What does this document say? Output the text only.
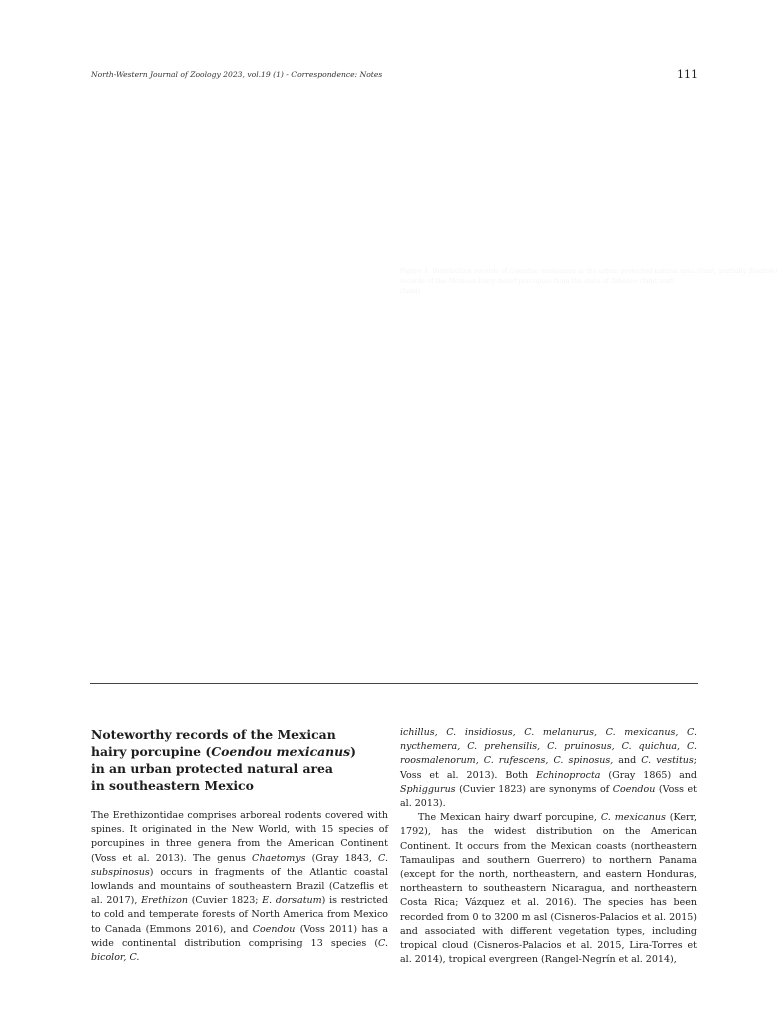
North-Western Journal of Zoology 2023, vol.19 (1) - Correspondence: Notes	111
Figure 1. Distribution records of Coendou mexicanus in the urban protected natural area (faint, partially illegible)
records of the Mexican hairy dwarf porcupine from the state of Tabasco (faint text)
(faint)
Noteworthy records of the Mexican
hairy porcupine (Coendou mexicanus)
in an urban protected natural area
in southeastern Mexico

The Erethizontidae comprises arboreal rodents covered with spines. It originated in the New World, with 15 species of porcupines in three genera from the American Continent (Voss et al. 2013). The genus Chaetomys (Gray 1843, C. subspinosus) occurs in fragments of the Atlantic coastal lowlands and mountains of southeastern Brazil (Catzeflis et al. 2017), Erethizon (Cuvier 1823; E. dorsatum) is restricted to cold and temperate forests of North America from Mexico to Canada (Emmons 2016), and Coendou (Voss 2011) has a wide continental distribution comprising 13 species (C. bicolor, C.

ichillus, C. insidiosus, C. melanurus, C. mexicanus, C. nycthemera, C. prehensilis, C. pruinosus, C. quichua, C. roosmalenorum, C. rufescens, C. spinosus, and C. vestitus; Voss et al. 2013). Both Echinoprocta (Gray 1865) and Sphiggurus (Cuvier 1823) are synonyms of Coendou (Voss et al. 2013).

The Mexican hairy dwarf porcupine, C. mexicanus (Kerr, 1792), has the widest distribution on the American Continent. It occurs from the Mexican coasts (northeastern Tamaulipas and southern Guerrero) to northern Panama (except for the north, northeastern, and eastern Honduras, northeastern to southeastern Nicaragua, and northeastern Costa Rica; Vázquez et al. 2016). The species has been recorded from 0 to 3200 m asl (Cisneros-Palacios et al. 2015) and associated with different vegetation types, including tropical cloud (Cisneros-Palacios et al. 2015, Lira-Torres et al. 2014), tropical evergreen (Rangel-Negrín et al. 2014),
